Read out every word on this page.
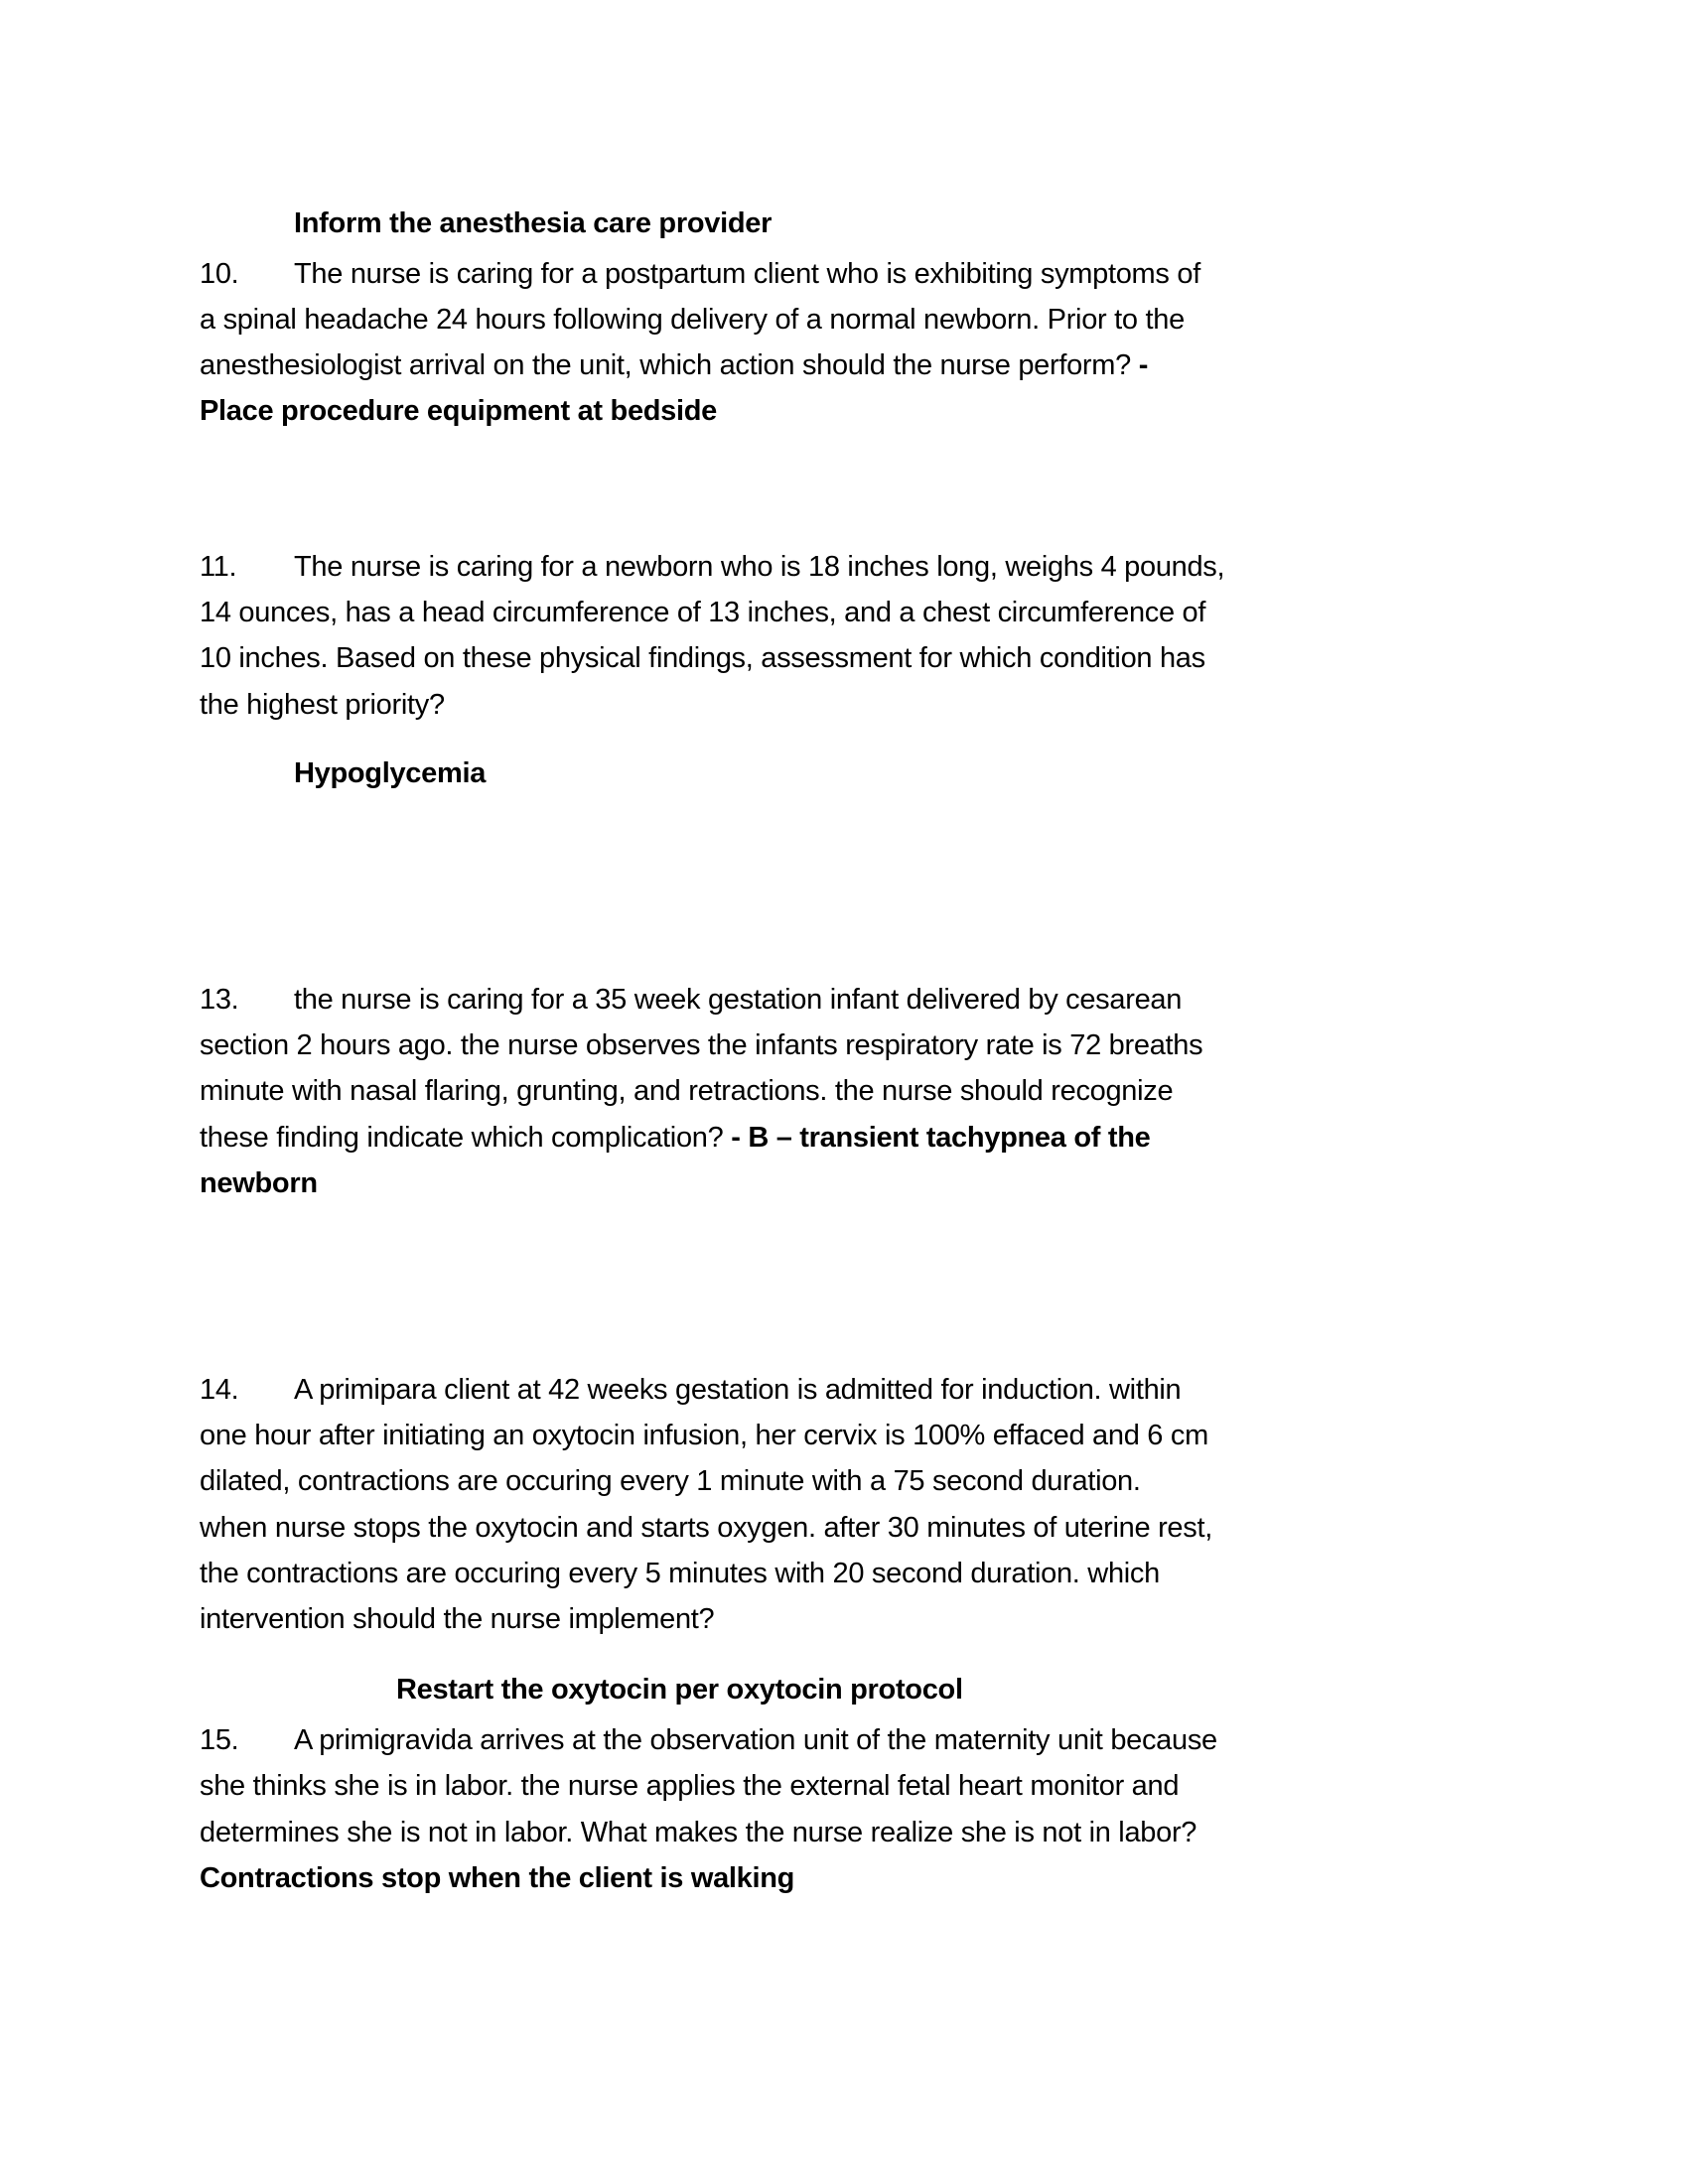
Inform the anesthesia care provider
10. The nurse is caring for a postpartum client who is exhibiting symptoms of
a spinal headache 24 hours following delivery of a normal newborn. Prior to the
anesthesiologist arrival on the unit, which action should the nurse perform? -
Place procedure equipment at bedside
11. The nurse is caring for a newborn who is 18 inches long, weighs 4 pounds,
14 ounces, has a head circumference of 13 inches, and a chest circumference of
10 inches. Based on these physical findings, assessment for which condition has
the highest priority?
Hypoglycemia
13. the nurse is caring for a 35 week gestation infant delivered by cesarean
section 2 hours ago. the nurse observes the infants respiratory rate is 72 breaths
minute with nasal flaring, grunting, and retractions. the nurse should recognize
these finding indicate which complication? - B – transient tachypnea of the
newborn
14. A primipara client at 42 weeks gestation is admitted for induction. within
one hour after initiating an oxytocin infusion, her cervix is 100% effaced and 6 cm
dilated, contractions are occuring every 1 minute with a 75 second duration.
when nurse stops the oxytocin and starts oxygen. after 30 minutes of uterine rest,
the contractions are occuring every 5 minutes with 20 second duration. which
intervention should the nurse implement?
Restart the oxytocin per oxytocin protocol
15. A primigravida arrives at the observation unit of the maternity unit because
she thinks she is in labor. the nurse applies the external fetal heart monitor and
determines she is not in labor. What makes the nurse realize she is not in labor?
Contractions stop when the client is walking
